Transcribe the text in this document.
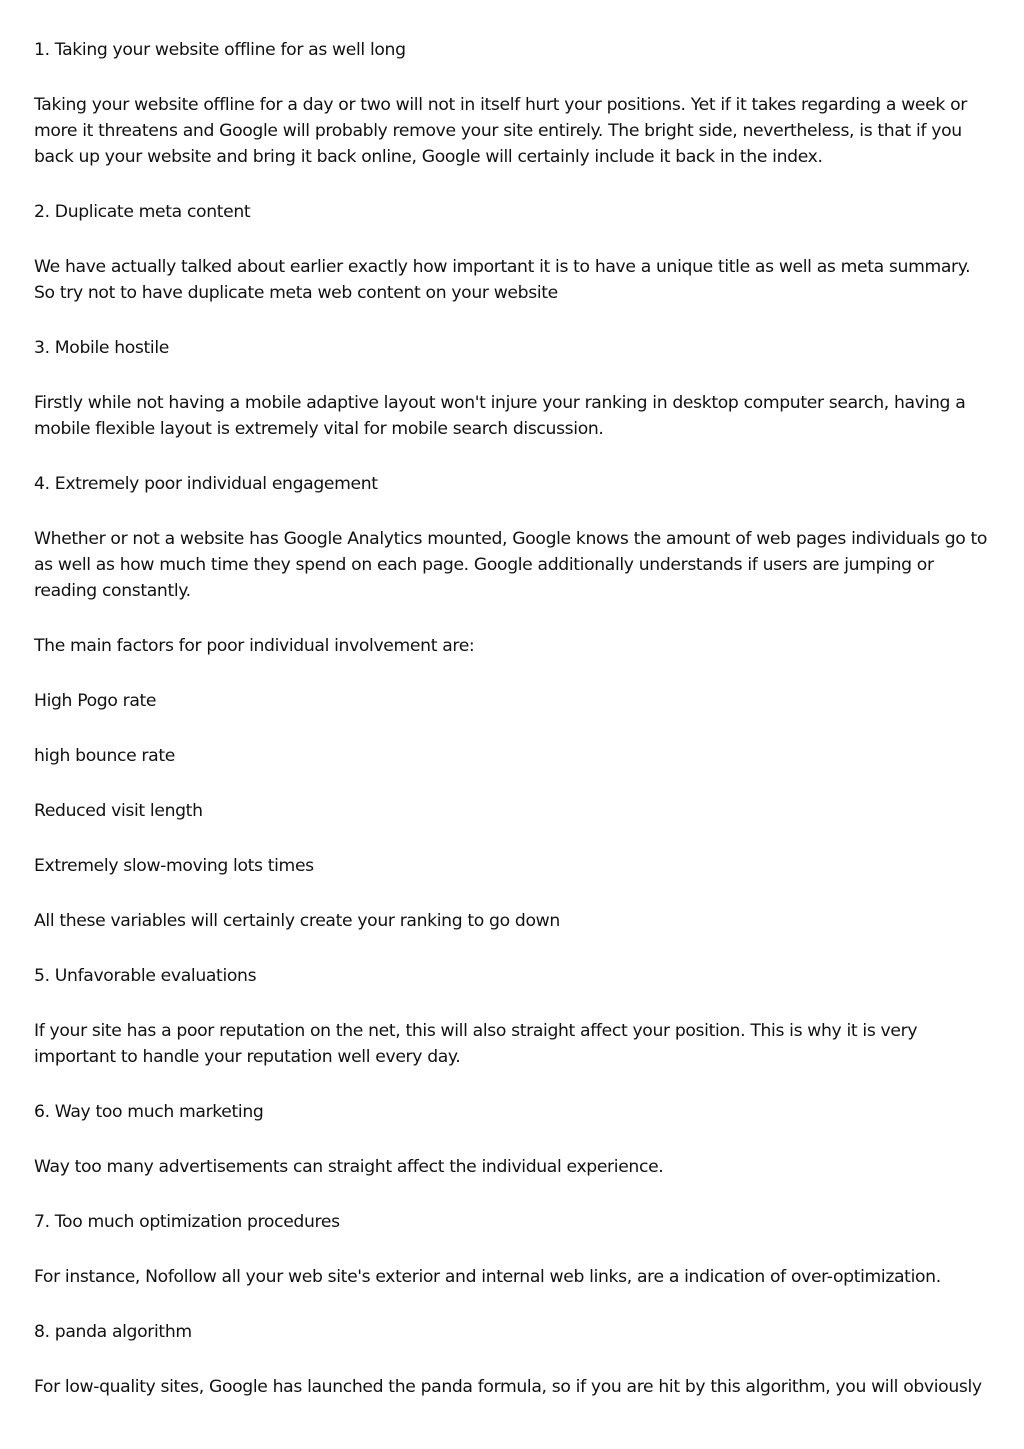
1. Taking your website offline for as well long

Taking your website offline for a day or two will not in itself hurt your positions. Yet if it takes regarding a week or more it threatens and Google will probably remove your site entirely. The bright side, nevertheless, is that if you back up your website and bring it back online, Google will certainly include it back in the index.

2. Duplicate meta content

We have actually talked about earlier exactly how important it is to have a unique title as well as meta summary. So try not to have duplicate meta web content on your website

3. Mobile hostile

Firstly while not having a mobile adaptive layout won't injure your ranking in desktop computer search, having a mobile flexible layout is extremely vital for mobile search discussion.

4. Extremely poor individual engagement

Whether or not a website has Google Analytics mounted, Google knows the amount of web pages individuals go to as well as how much time they spend on each page. Google additionally understands if users are jumping or reading constantly.

The main factors for poor individual involvement are:

High Pogo rate

high bounce rate

Reduced visit length

Extremely slow-moving lots times

All these variables will certainly create your ranking to go down

5. Unfavorable evaluations

If your site has a poor reputation on the net, this will also straight affect your position. This is why it is very important to handle your reputation well every day.

6. Way too much marketing

Way too many advertisements can straight affect the individual experience.

7. Too much optimization procedures

For instance, Nofollow all your web site's exterior and internal web links, are a indication of over-optimization.

8. panda algorithm

For low-quality sites, Google has launched the panda formula, so if you are hit by this algorithm, you will obviously
